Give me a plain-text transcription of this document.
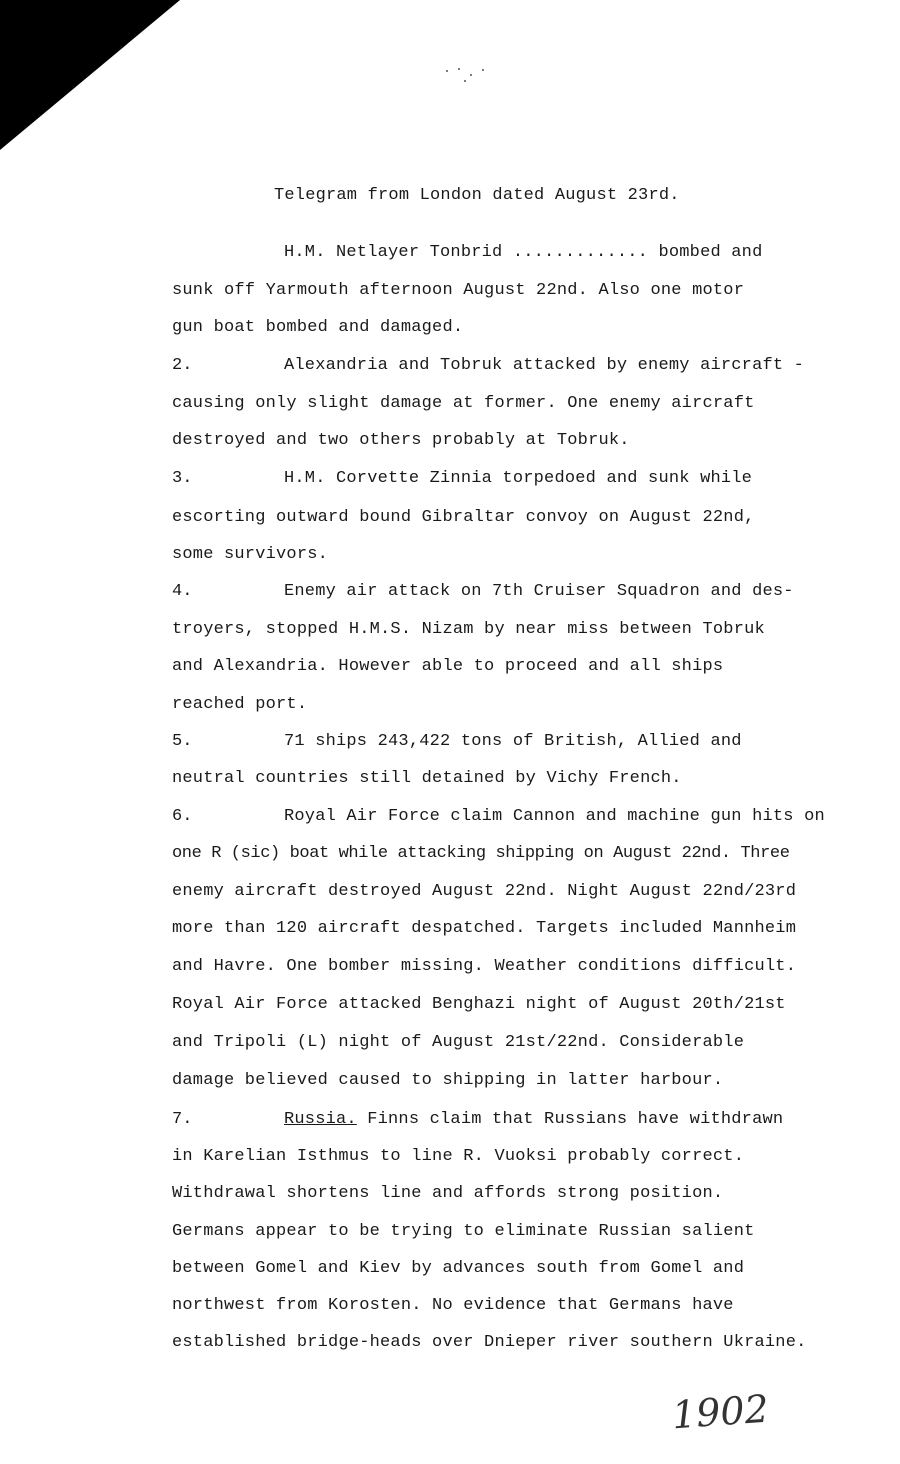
Telegram from London dated August 23rd.
H.M. Netlayer Tonbrid ............. bombed and
sunk off Yarmouth afternoon August 22nd. Also one motor
gun boat bombed and damaged.
2.	Alexandria and Tobruk attacked by enemy aircraft -
causing only slight damage at former. One enemy aircraft
destroyed and two others probably at Tobruk.
3.	H.M. Corvette Zinnia torpedoed and sunk while
escorting outward bound Gibraltar convoy on August 22nd,
some survivors.
4.	Enemy air attack on 7th Cruiser Squadron and des-
troyers, stopped H.M.S. Nizam by near miss between Tobruk
and Alexandria. However able to proceed and all ships
reached port.
5.	71 ships 243,422 tons of British, Allied and
neutral countries still detained by Vichy French.
6.	Royal Air Force claim Cannon and machine gun hits on
one R (sic) boat while attacking shipping on August 22nd. Three
enemy aircraft destroyed August 22nd. Night August 22nd/23rd
more than 120 aircraft despatched. Targets included Mannheim
and Havre. One bomber missing. Weather conditions difficult.
Royal Air Force attacked Benghazi night of August 20th/21st
and Tripoli (L) night of August 21st/22nd. Considerable
damage believed caused to shipping in latter harbour.
7.	Russia. Finns claim that Russians have withdrawn
in Karelian Isthmus to line R. Vuoksi probably correct.
Withdrawal shortens line and affords strong position.
Germans appear to be trying to eliminate Russian salient
between Gomel and Kiev by advances south from Gomel and
northwest from Korosten. No evidence that Germans have
established bridge-heads over Dnieper river southern Ukraine.
1902
